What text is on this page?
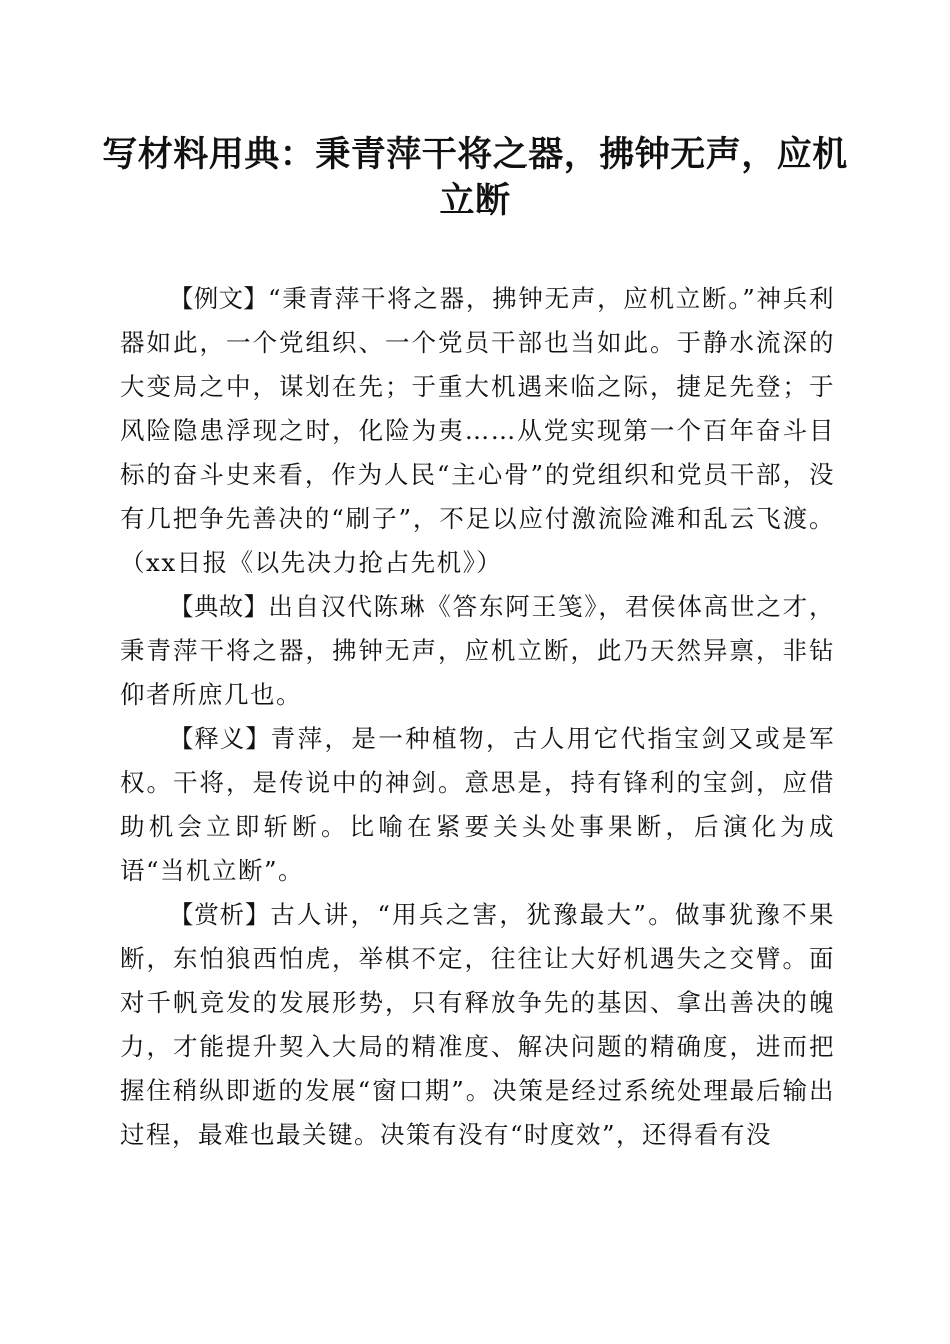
写材料用典：秉青萍干将之器，拂钟无声，应机立断

【例文】“秉青萍干将之器，拂钟无声，应机立断。”神兵利器如此，一个党组织、一个党员干部也当如此。于静水流深的大变局之中，谋划在先；于重大机遇来临之际，捷足先登；于风险隐患浮现之时，化险为夷……从党实现第一个百年奋斗目标的奋斗史来看，作为人民“主心骨”的党组织和党员干部，没有几把争先善决的“刷子”，不足以应付激流险滩和乱云飞渡。（xx日报《以先决力抢占先机》）

【典故】出自汉代陈琳《答东阿王笺》，君侯体高世之才，秉青萍干将之器，拂钟无声，应机立断，此乃天然异禀，非钻仰者所庶几也。

【释义】青萍，是一种植物，古人用它代指宝剑又或是军权。干将，是传说中的神剑。意思是，持有锋利的宝剑，应借助机会立即斩断。比喻在紧要关头处事果断，后演化为成语“当机立断”。

【赏析】古人讲，“用兵之害，犹豫最大”。做事犹豫不果断，东怕狼西怕虎，举棋不定，往往让大好机遇失之交臂。面对千帆竞发的发展形势，只有释放争先的基因、拿出善决的魄力，才能提升契入大局的精准度、解决问题的精确度，进而把握住稍纵即逝的发展“窗口期”。决策是经过系统处理最后输出过程，最难也最关键。决策有没有“时度效”，还得看有没
